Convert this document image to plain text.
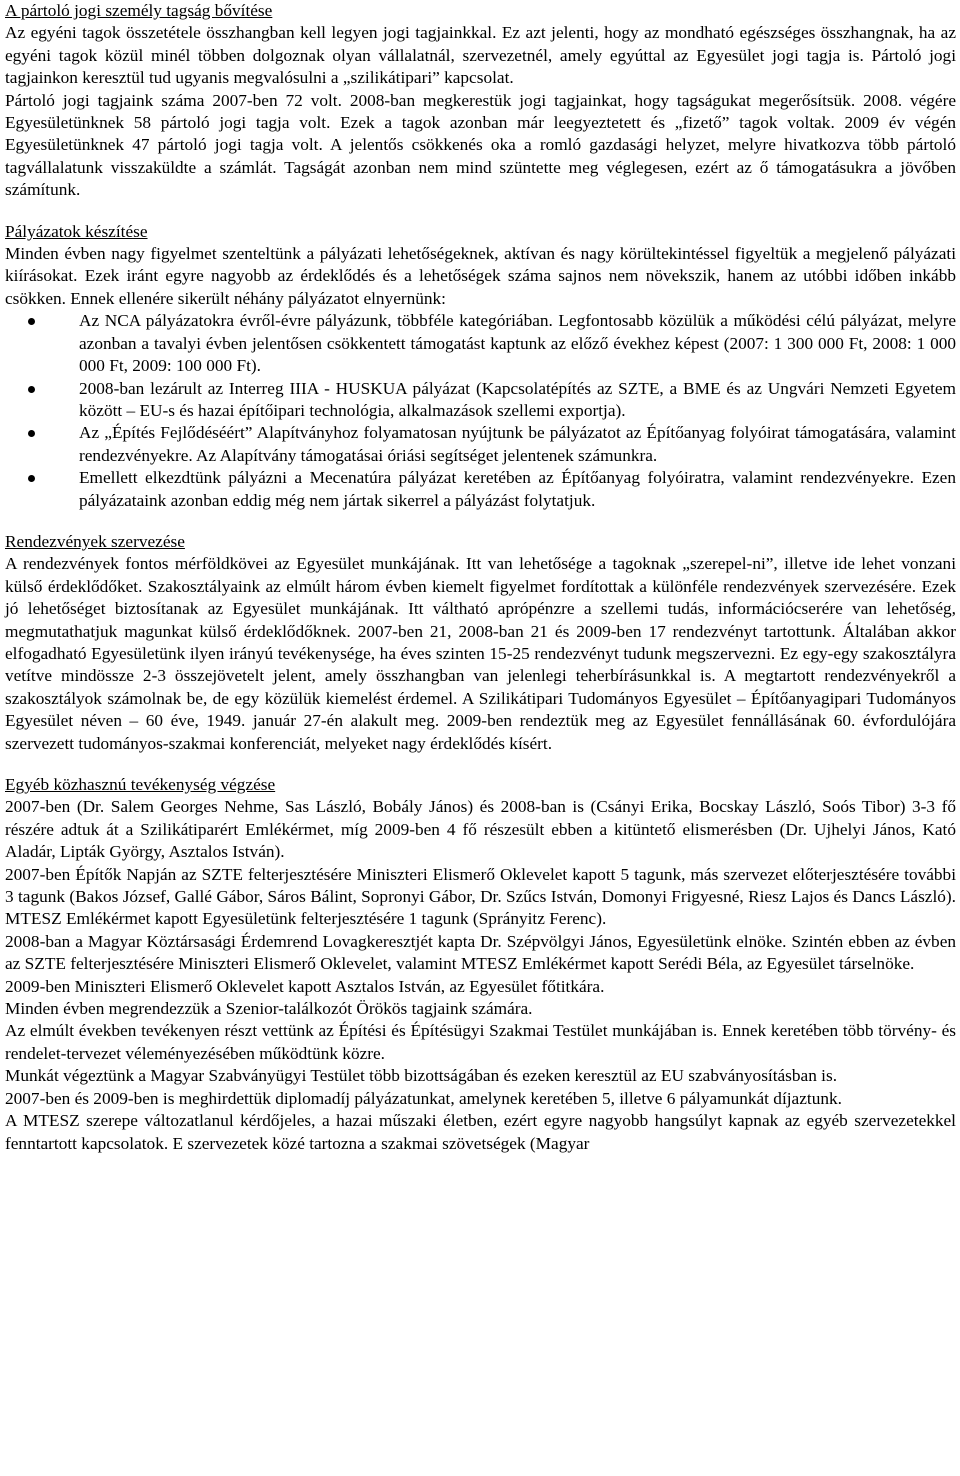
A pártoló jogi személy tagság bővítése

Az egyéni tagok összetétele összhangban kell legyen jogi tagjainkkal. Ez azt jelenti, hogy az mondható egészséges összhangnak, ha az egyéni tagok közül minél többen dolgoznak olyan vállalatnál, szervezetnél, amely egyúttal az Egyesület jogi tagja is. Pártoló jogi tagjainkon keresztül tud ugyanis megvalósulni a „szilikátipari” kapcsolat.

Pártoló jogi tagjaink száma 2007-ben 72 volt. 2008-ban megkerestük jogi tagjainkat, hogy tagságukat megerősítsük. 2008. végére Egyesületünknek 58 pártoló jogi tagja volt. Ezek a tagok azonban már leegyeztetett és „fizető” tagok voltak. 2009 év végén Egyesületünknek 47 pártoló jogi tagja volt. A jelentős csökkenés oka a romló gazdasági helyzet, melyre hivatkozva több pártoló tagvállalatunk visszaküldte a számlát. Tagságát azonban nem mind szüntette meg véglegesen, ezért az ő támogatásukra a jövőben számítunk.

Pályázatok készítése

Minden évben nagy figyelmet szenteltünk a pályázati lehetőségeknek, aktívan és nagy körültekintéssel figyeltük a megjelenő pályázati kiírásokat. Ezek iránt egyre nagyobb az érdeklődés és a lehetőségek száma sajnos nem növekszik, hanem az utóbbi időben inkább csökken. Ennek ellenére sikerült néhány pályázatot elnyernünk:

Az NCA pályázatokra évről-évre pályázunk, többféle kategóriában. Legfontosabb közülük a működési célú pályázat, melyre azonban a tavalyi évben jelentősen csökkentett támogatást kaptunk az előző évekhez képest (2007: 1 300 000 Ft, 2008: 1 000 000 Ft, 2009: 100 000 Ft).
2008-ban lezárult az Interreg IIIA - HUSKUA pályázat (Kapcsolatépítés az SZTE, a BME és az Ungvári Nemzeti Egyetem között – EU-s és hazai építőipari technológia, alkalmazások szellemi exportja).
Az „Építés Fejlődéséért” Alapítványhoz folyamatosan nyújtunk be pályázatot az Építőanyag folyóirat támogatására, valamint rendezvényekre. Az Alapítvány támogatásai óriási segítséget jelentenek számunkra.
Emellett elkezdtünk pályázni a Mecenatúra pályázat keretében az Építőanyag folyóiratra, valamint rendezvényekre. Ezen pályázataink azonban eddig még nem jártak sikerrel a pályázást folytatjuk.
Rendezvények szervezése

A rendezvények fontos mérföldkövei az Egyesület munkájának. Itt van lehetősége a tagoknak „szerepel-ni”, illetve ide lehet vonzani külső érdeklődőket. Szakosztályaink az elmúlt három évben kiemelt figyelmet fordítottak a különféle rendezvények szervezésére. Ezek jó lehetőséget biztosítanak az Egyesület munkájának. Itt váltható aprópénzre a szellemi tudás, információcserére van lehetőség, megmutathatjuk magunkat külső érdeklődőknek. 2007-ben 21, 2008-ban 21 és 2009-ben 17 rendezvényt tartottunk. Általában akkor elfogadható Egyesületünk ilyen irányú tevékenysége, ha éves szinten 15-25 rendezvényt tudunk megszervezni. Ez egy-egy szakosztályra vetítve mindössze 2-3 összejövetelt jelent, amely összhangban van jelenlegi teherbírásunkkal is. A megtartott rendezvényekről a szakosztályok számolnak be, de egy közülük kiemelést érdemel. A Szilikátipari Tudományos Egyesület – Építőanyagipari Tudományos Egyesület néven – 60 éve, 1949. január 27-én alakult meg. 2009-ben rendeztük meg az Egyesület fennállásának 60. évfordulójára szervezett tudományos-szakmai konferenciát, melyeket nagy érdeklődés kísért.

Egyéb közhasznú tevékenység végzése

2007-ben (Dr. Salem Georges Nehme, Sas László, Bobály János) és 2008-ban is (Csányi Erika, Bocskay László, Soós Tibor) 3-3 fő részére adtuk át a Szilikátiparért Emlékérmet, míg 2009-ben 4 fő részesült ebben a kitüntető elismerésben (Dr. Ujhelyi János, Kató Aladár, Lipták György, Asztalos István).

2007-ben Építők Napján az SZTE felterjesztésére Miniszteri Elismerő Oklevelet kapott 5 tagunk, más szervezet előterjesztésére további 3 tagunk (Bakos József, Gallé Gábor, Sáros Bálint, Sopronyi Gábor, Dr. Szűcs István, Domonyi Frigyesné, Riesz Lajos és Dancs László). MTESZ Emlékérmet kapott Egyesületünk felterjesztésére 1 tagunk (Sprányitz Ferenc).

2008-ban a Magyar Köztársasági Érdemrend Lovagkeresztjét kapta Dr. Szépvölgyi János, Egyesületünk elnöke. Szintén ebben az évben az SZTE felterjesztésére Miniszteri Elismerő Oklevelet, valamint MTESZ Emlékérmet kapott Serédi Béla, az Egyesület társelnöke.

2009-ben Miniszteri Elismerő Oklevelet kapott Asztalos István, az Egyesület főtitkára.

Minden évben megrendezzük a Szenior-találkozót Örökös tagjaink számára.

Az elmúlt években tevékenyen részt vettünk az Építési és Építésügyi Szakmai Testület munkájában is. Ennek keretében több törvény- és rendelet-tervezet véleményezésében működtünk közre.

Munkát végeztünk a Magyar Szabványügyi Testület több bizottságában és ezeken keresztül az EU szabványosításban is.

2007-ben és 2009-ben is meghirdettük diplomadíj pályázatunkat, amelynek keretében 5, illetve 6 pályamunkát díjaztunk.

A MTESZ szerepe változatlanul kérdőjeles, a hazai műszaki életben, ezért egyre nagyobb hangsúlyt kapnak az egyéb szervezetekkel fenntartott kapcsolatok. E szervezetek közé tartozna a szakmai szövetségek (Magyar
